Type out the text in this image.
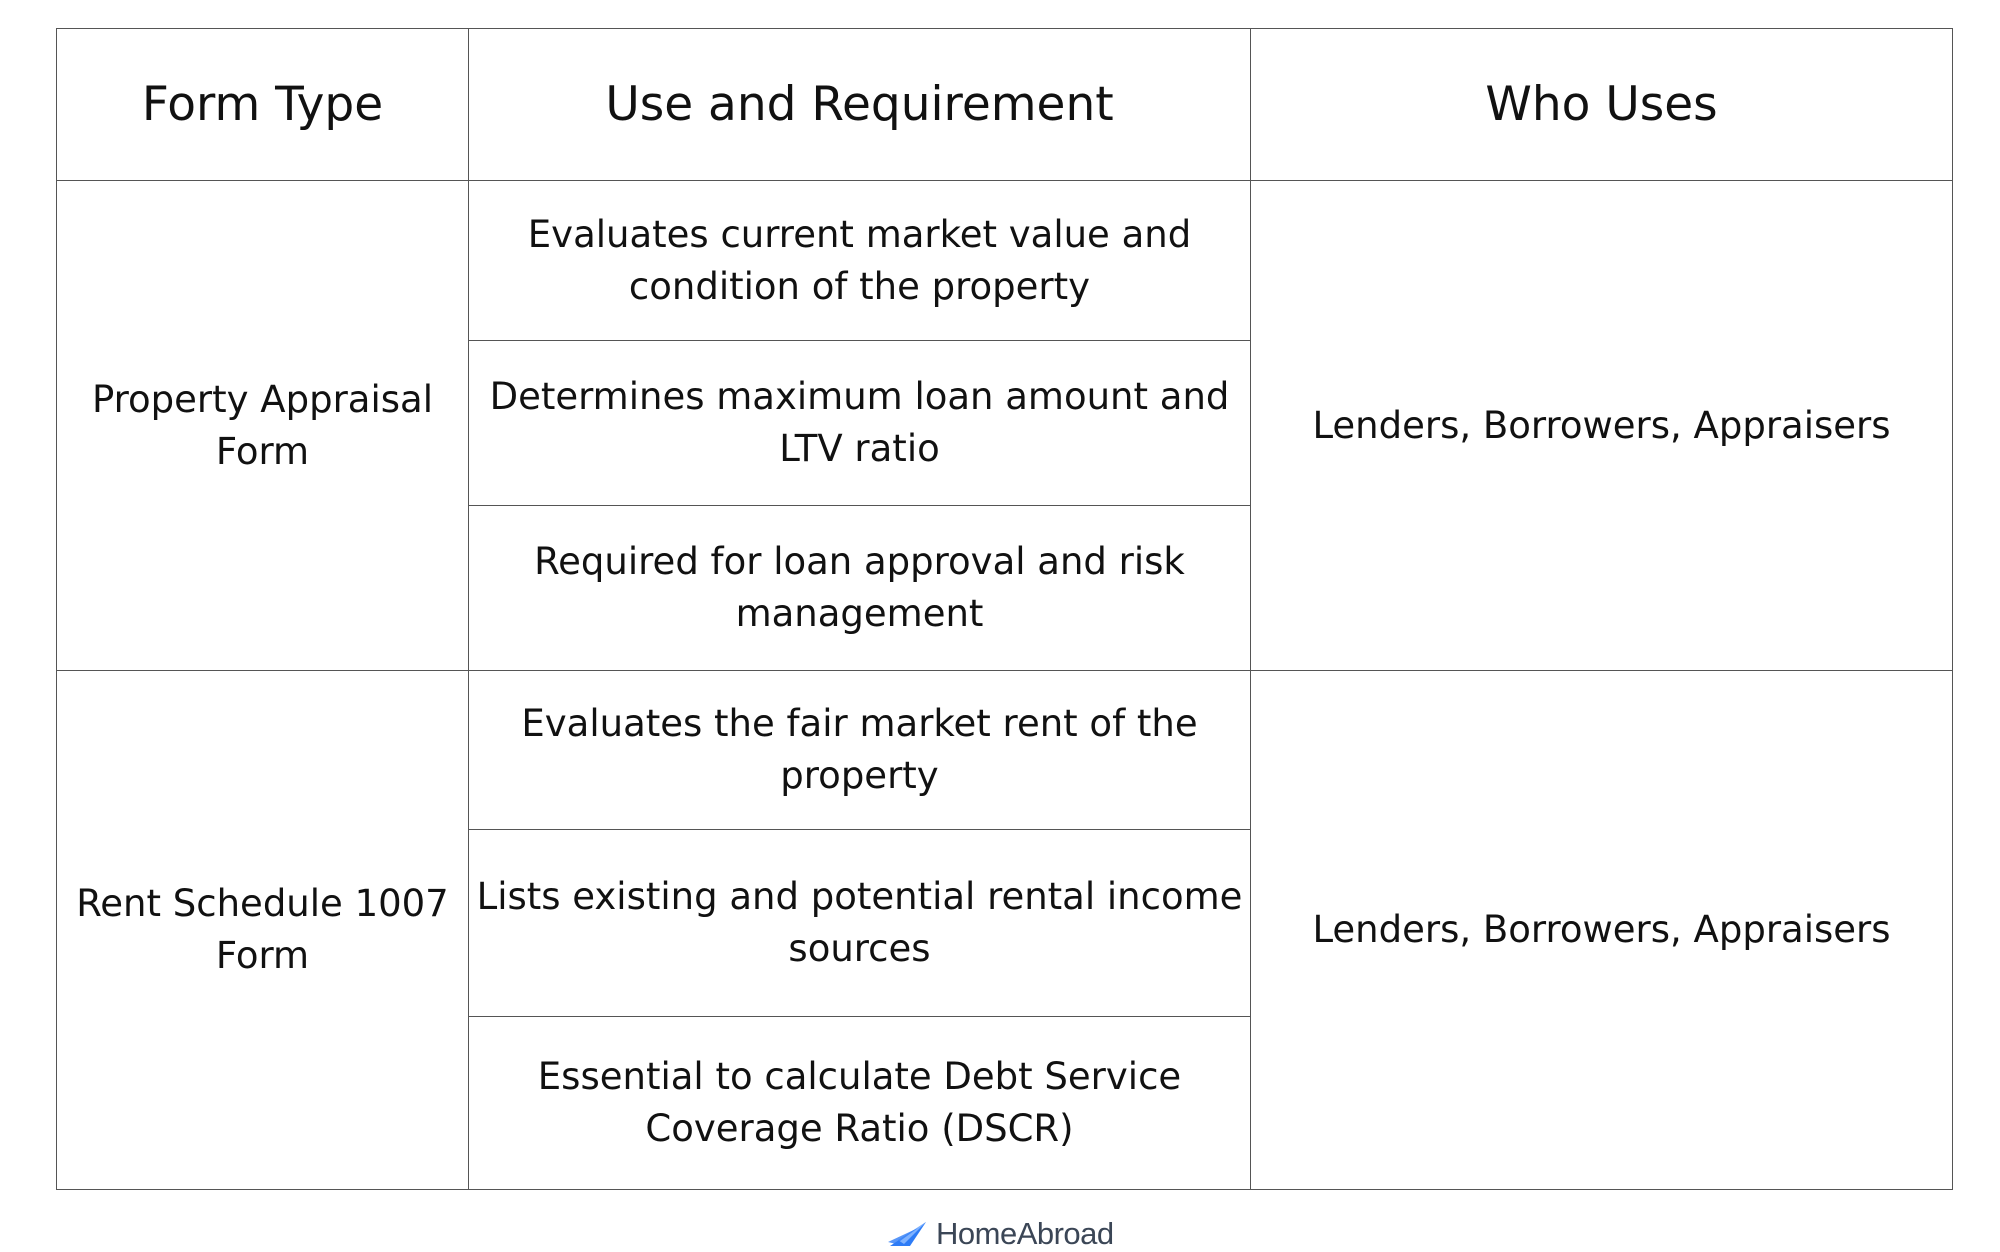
Form Type	Use and Requirement	Who Uses
Property Appraisal Form	Evaluates current market value and condition of the property	Lenders, Borrowers, Appraisers
	Determines maximum loan amount and LTV ratio	
	Required for loan approval and risk management	
Rent Schedule 1007 Form	Evaluates the fair market rent of the property	Lenders, Borrowers, Appraisers
	Lists existing and potential rental income sources	
	Essential to calculate Debt Service Coverage Ratio (DSCR)	
HomeAbroad
